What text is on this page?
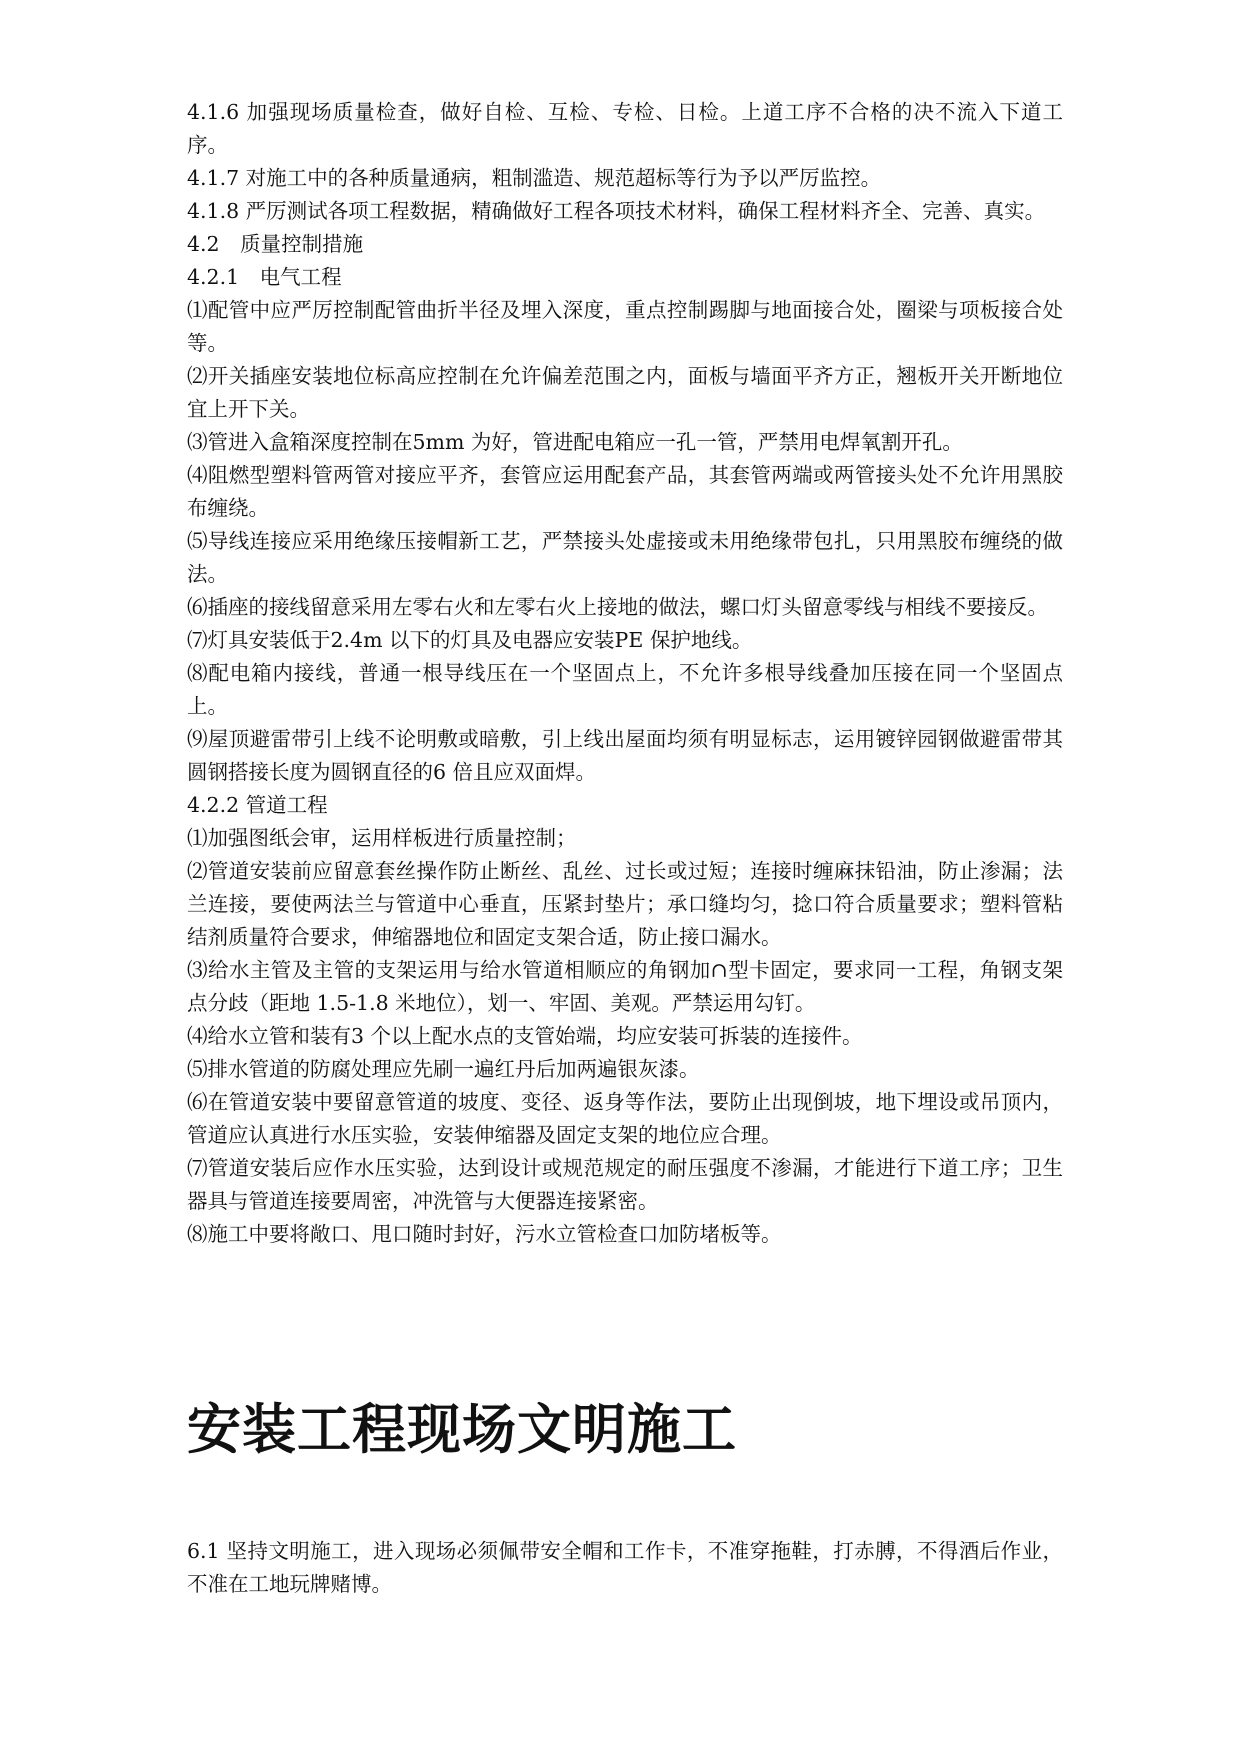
4.1.6 加强现场质量检查，做好自检、互检、专检、日检。上道工序不合格的决不流入下道工序。

4.1.7 对施工中的各种质量通病，粗制滥造、规范超标等行为予以严厉监控。

4.1.8 严厉测试各项工程数据，精确做好工程各项技术材料，确保工程材料齐全、完善、真实。

4.2　质量控制措施

4.2.1　电气工程

⑴配管中应严厉控制配管曲折半径及埋入深度，重点控制踢脚与地面接合处，圈梁与项板接合处等。

⑵开关插座安装地位标高应控制在允许偏差范围之内，面板与墙面平齐方正，翘板开关开断地位宜上开下关。

⑶管进入盒箱深度控制在5mm 为好，管进配电箱应一孔一管，严禁用电焊氧割开孔。

⑷阻燃型塑料管两管对接应平齐，套管应运用配套产品，其套管两端或两管接头处不允许用黑胶布缠绕。

⑸导线连接应采用绝缘压接帽新工艺，严禁接头处虚接或未用绝缘带包扎，只用黑胶布缠绕的做法。

⑹插座的接线留意采用左零右火和左零右火上接地的做法，螺口灯头留意零线与相线不要接反。

⑺灯具安装低于2.4m 以下的灯具及电器应安装PE 保护地线。

⑻配电箱内接线，普通一根导线压在一个坚固点上，不允许多根导线叠加压接在同一个坚固点上。

⑼屋顶避雷带引上线不论明敷或暗敷，引上线出屋面均须有明显标志，运用镀锌园钢做避雷带其圆钢搭接长度为圆钢直径的6 倍且应双面焊。

4.2.2 管道工程

⑴加强图纸会审，运用样板进行质量控制；

⑵管道安装前应留意套丝操作防止断丝、乱丝、过长或过短；连接时缠麻抹铅油，防止渗漏；法兰连接，要使两法兰与管道中心垂直，压紧封垫片；承口缝均匀，捻口符合质量要求；塑料管粘结剂质量符合要求，伸缩器地位和固定支架合适，防止接口漏水。

⑶给水主管及主管的支架运用与给水管道相顺应的角钢加∩型卡固定，要求同一工程，角钢支架点分歧（距地 1.5-1.8 米地位），划一、牢固、美观。严禁运用勾钉。

⑷给水立管和装有3 个以上配水点的支管始端，均应安装可拆装的连接件。

⑸排水管道的防腐处理应先刷一遍红丹后加两遍银灰漆。

⑹在管道安装中要留意管道的坡度、变径、返身等作法，要防止出现倒坡，地下埋设或吊顶内，管道应认真进行水压实验，安装伸缩器及固定支架的地位应合理。

⑺管道安装后应作水压实验，达到设计或规范规定的耐压强度不渗漏，才能进行下道工序；卫生器具与管道连接要周密，冲洗管与大便器连接紧密。

⑻施工中要将敞口、甩口随时封好，污水立管检查口加防堵板等。

安装工程现场文明施工

6.1 坚持文明施工，进入现场必须佩带安全帽和工作卡，不准穿拖鞋，打赤膊，不得酒后作业，不准在工地玩牌赌博。
